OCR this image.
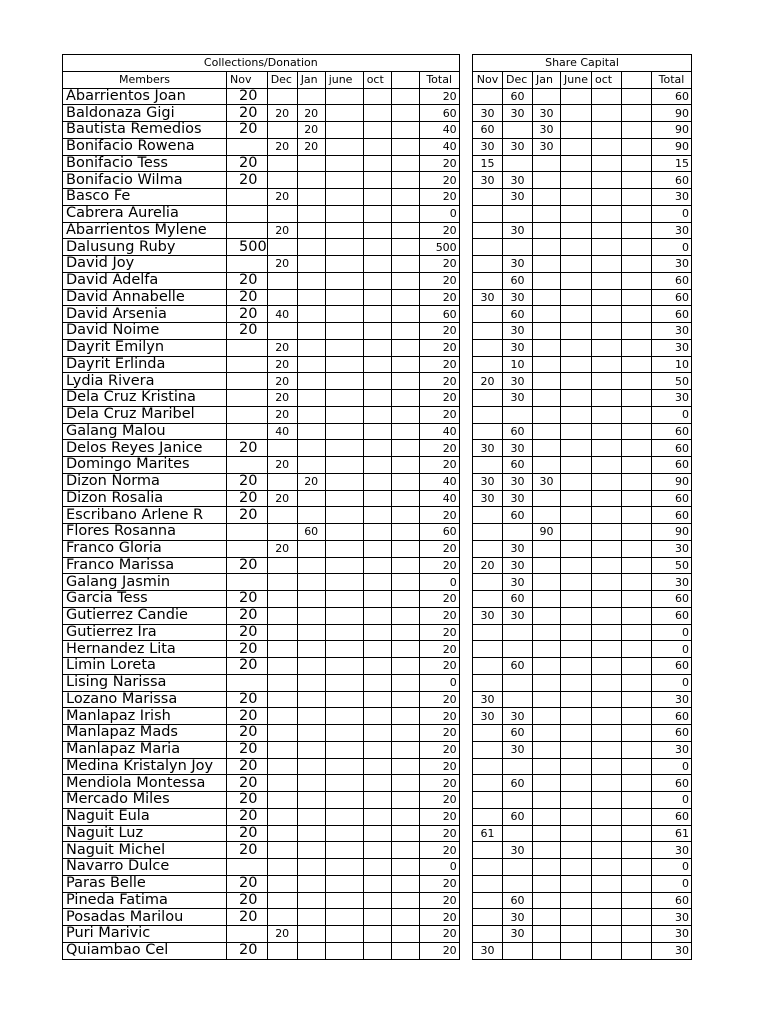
Collections/Donation							
Members	Nov	Dec	Jan	june	oct		Total
Abarrientos Joan	20						20
Baldonaza Gigi	20	20	20				60
Bautista Remedios	20		20				40
Bonifacio Rowena		20	20				40
Bonifacio Tess	20						20
Bonifacio Wilma	20						20
Basco Fe		20					20
Cabrera Aurelia							0
Abarrientos Mylene		20					20
Dalusung Ruby	500						500
David Joy		20					20
David Adelfa	20						20
David Annabelle	20						20
David Arsenia	20	40					60
David Noime	20						20
Dayrit Emilyn		20					20
Dayrit Erlinda		20					20
Lydia Rivera		20					20
Dela Cruz Kristina		20					20
Dela Cruz Maribel		20					20
Galang Malou		40					40
Delos Reyes Janice	20						20
Domingo Marites		20					20
Dizon Norma	20		20				40
Dizon Rosalia	20	20					40
Escribano Arlene R	20						20
Flores Rosanna			60				60
Franco Gloria		20					20
Franco Marissa	20						20
Galang Jasmin							0
Garcia Tess	20						20
Gutierrez Candie	20						20
Gutierrez Ira	20						20
Hernandez Lita	20						20
Limin Loreta	20						20
Lising Narissa							0
Lozano Marissa	20						20
Manlapaz Irish	20						20
Manlapaz Mads	20						20
Manlapaz Maria	20						20
Medina Kristalyn Joy	20						20
Mendiola Montessa	20						20
Mercado Miles	20						20
Naguit Eula	20						20
Naguit Luz	20						20
Naguit Michel	20						20
Navarro Dulce							0
Paras Belle	20						20
Pineda Fatima	20						20
Posadas Marilou	20						20
Puri Marivic		20					20
Quiambao Cel	20						20
Share Capital						
Nov	Dec	Jan	June	oct		Total
	60					60
30	30	30				90
60		30				90
30	30	30				90
15						15
30	30					60
	30					30
						0
	30					30
						0
	30					30
	60					60
30	30					60
	60					60
	30					30
	30					30
	10					10
20	30					50
	30					30
						0
	60					60
30	30					60
	60					60
30	30	30				90
30	30					60
	60					60
		90				90
	30					30
20	30					50
	30					30
	60					60
30	30					60
						0
						0
	60					60
						0
30						30
30	30					60
	60					60
	30					30
						0
	60					60
						0
	60					60
61						61
	30					30
						0
						0
	60					60
	30					30
	30					30
30						30
